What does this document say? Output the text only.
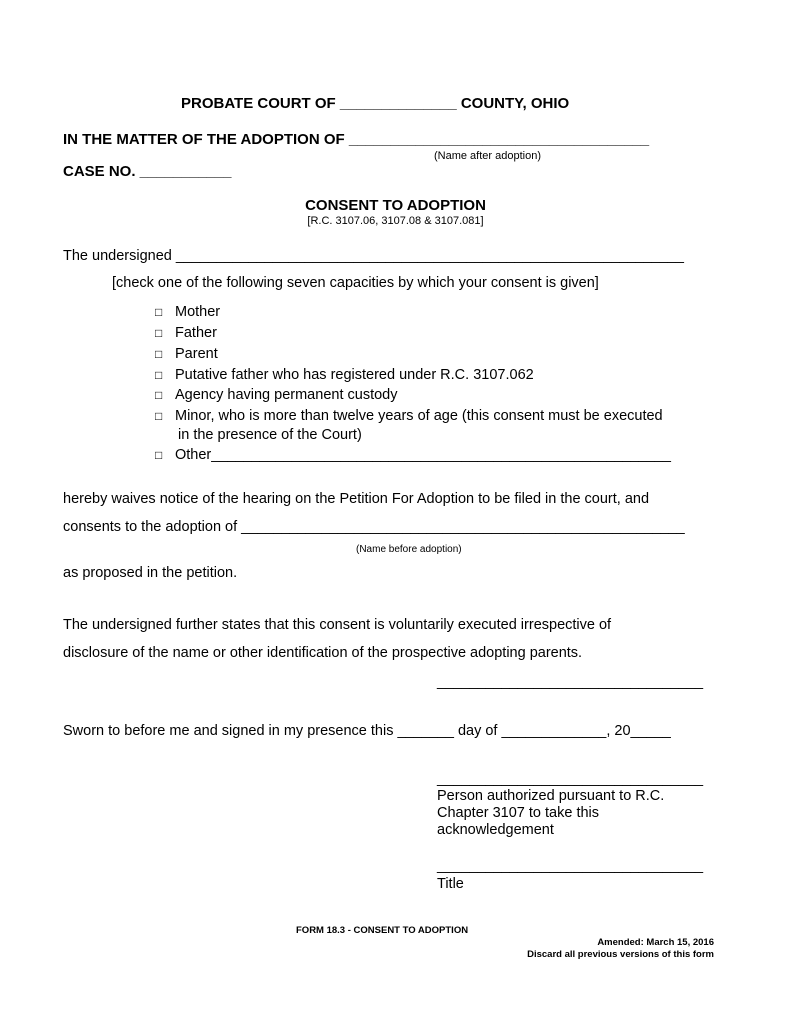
PROBATE COURT OF ______________ COUNTY, OHIO
IN THE MATTER OF THE ADOPTION OF ____________________________________
(Name after adoption)
CASE NO. ___________
CONSENT TO ADOPTION
[R.C. 3107.06, 3107.08 & 3107.081]
The undersigned _______________________________________________________________
[check one of the following seven capacities by which your consent is given]
□ Mother
□ Father
□ Parent
□ Putative father who has registered under R.C. 3107.062
□ Agency having permanent custody
□ Minor, who is more than twelve years of age (this consent must be executed
in the presence of the Court)
□ Other_________________________________________________________
hereby waives notice of the hearing on the Petition For Adoption to be filed in the court, and
consents to the adoption of _______________________________________________________
(Name before adoption)
as proposed in the petition.
The undersigned further states that this consent is voluntarily executed irrespective of
disclosure of the name or other identification of the prospective adopting parents.
_________________________________
Sworn to before me and signed in my presence this _______ day of _____________, 20_____
_________________________________
Person authorized pursuant to R.C.
Chapter 3107 to take this
acknowledgement
_________________________________
Title
FORM 18.3 - CONSENT TO ADOPTION
Amended: March 15, 2016
Discard all previous versions of this form
